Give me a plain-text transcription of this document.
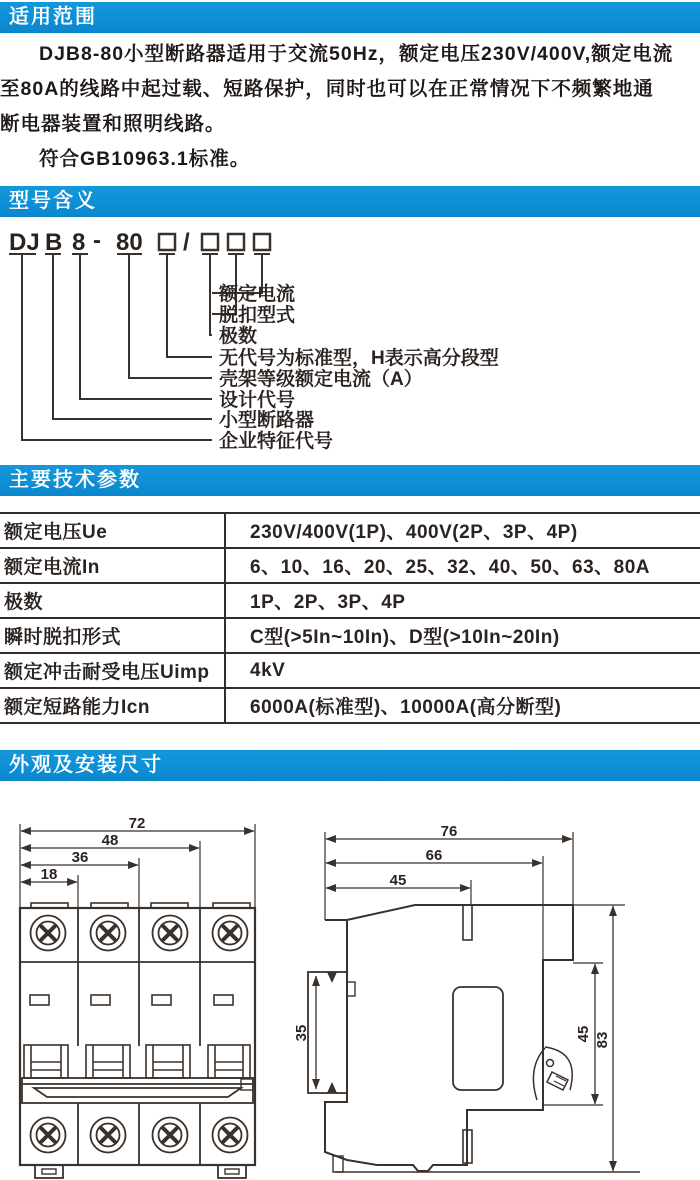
适用范围
DJB8-80小型断路器适用于交流50Hz，额定电压230V/400V,额定电流
至80A的线路中起过载、短路保护，同时也可以在正常情况下不频繁地通
断电器装置和照明线路。
符合GB10963.1标准。
型号含义
DJ B 8 - 80 /
额定电流
脱扣型式
极数
无代号为标准型，H表示高分段型
壳架等级额定电流（A）
设计代号
小型断路器
企业特征代号
主要技术参数
额定电压Ue	230V/400V(1P)、400V(2P、3P、4P)
额定电流In	6、10、16、20、25、32、40、50、63、80A
极数	1P、2P、3P、4P
瞬时脱扣形式	C型(>5In~10In)、D型(>10In~20In)
额定冲击耐受电压Uimp	4kV
额定短路能力Icn	6000A(标准型)、10000A(高分断型)
外观及安装尺寸
72
48
36
18
76
66
45
35	45 83
